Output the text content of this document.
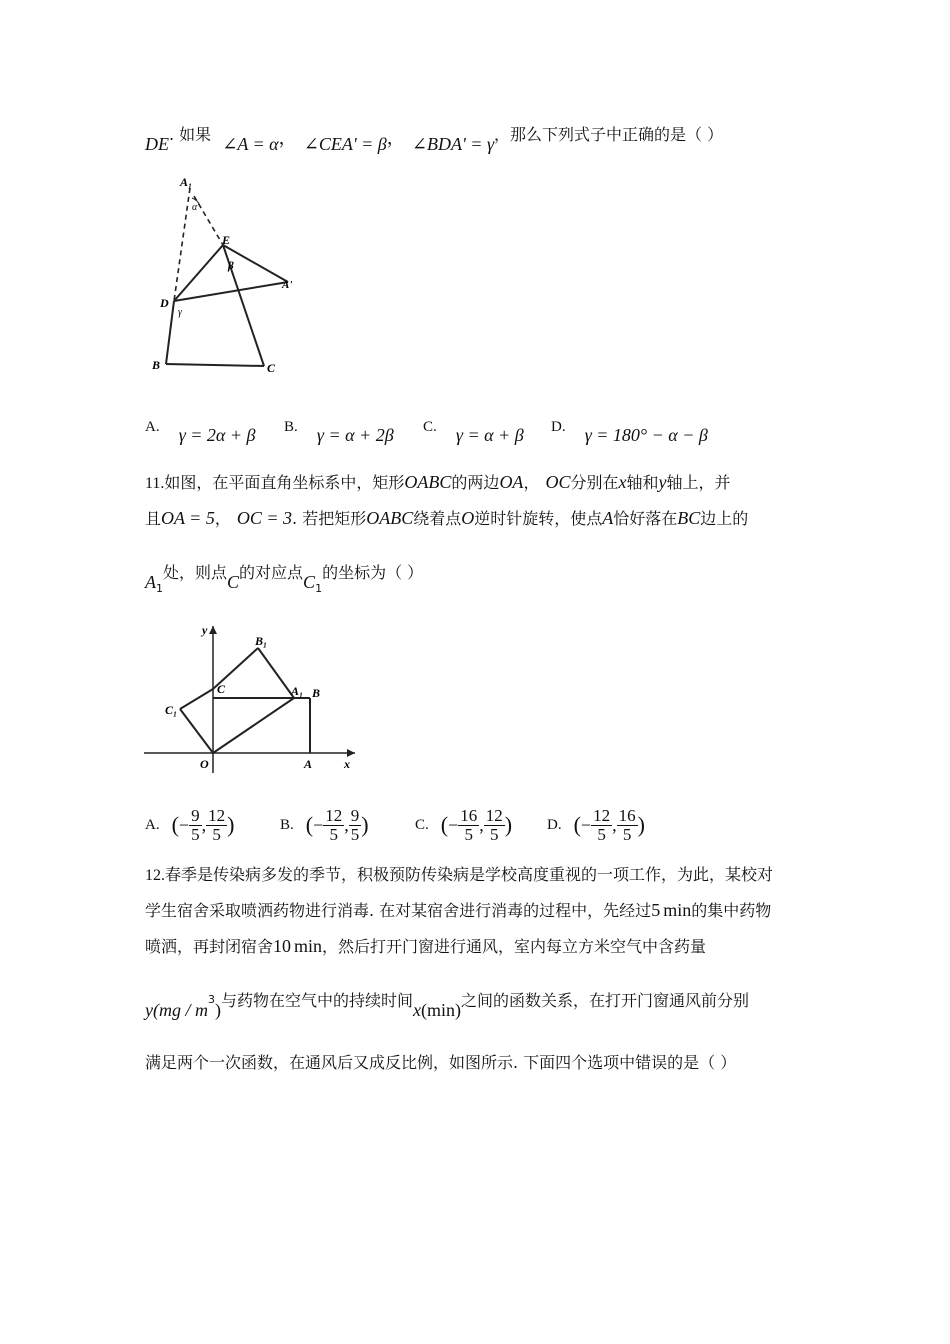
DE. 如果 ∠A = α， ∠CEA' = β， ∠BDA' = γ，那么下列式子中正确的是（ ）
A₁
α
E
β
A'
D
γ
B	C
A. γ = 2α + β B. γ = α + 2β C. γ = α + β D. γ = 180° − α − β
11.如图，在平面直角坐标系中，矩形OABC的两边OA， OC分别在x轴和y轴上，并
且OA = 5， OC = 3. 若把矩形OABC绕着点O逆时针旋转，使点A恰好落在BC边上的
$A_1$处，则点C的对应点$C_1$的坐标为（ ）
y
B₁
C	A₁ B
C₁
O	A	x
A. ( − $\frac{9}{5}$ , $\frac{12}{5}$ )	B. ( − $\frac{12}{5}$ , $\frac{9}{5}$ )	C. ( − $\frac{16}{5}$ , $\frac{12}{5}$ ) D. ( − $\frac{12}{5}$ , $\frac{16}{5}$ )
12.春季是传染病多发的季节，积极预防传染病是学校高度重视的一项工作，为此，某校对
学生宿舍采取喷洒药物进行消毒. 在对某宿舍进行消毒的过程中，先经过5 min的集中药物
喷洒，再封闭宿舍10 min，然后打开门窗进行通风，室内每立方米空气中含药量
$y(mg / m^3)$与药物在空气中的持续时间x(min)之间的函数关系，在打开门窗通风前分别
满足两个一次函数，在通风后又成反比例，如图所示. 下面四个选项中错误的是（ ）
